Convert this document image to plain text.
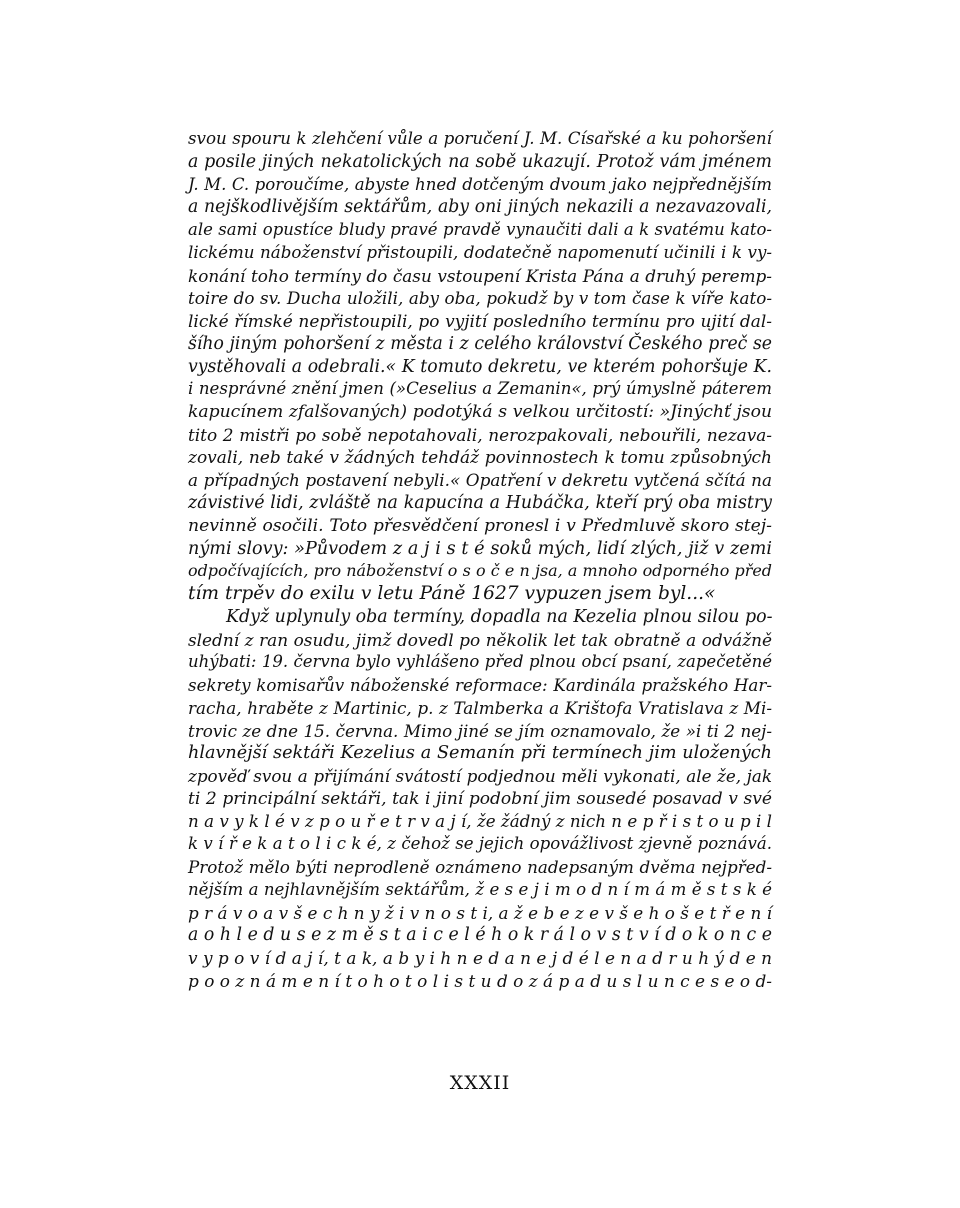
svou spouru k zlehčení vůle a poručení J. M. Císařské a ku pohoršení
a posile jiných nekatolických na sobě ukazují. Protož vám jménem
J. M. C. poroučíme, abyste hned dotčeným dvoum jako nejpřednějším
a nejškodlivějším sektářům, aby oni jiných nekazili a nezavazovali,
ale sami opustíce bludy pravé pravdě vynaučiti dali a k svatému kato-
lickému náboženství přistoupili, dodatečně napomenutí učinili i k vy-
konání toho termíny do času vstoupení Krista Pána a druhý peremp-
toire do sv. Ducha uložili, aby oba, pokudž by v tom čase k víře kato-
lické římské nepřistoupili, po vyjití posledního termínu pro ujití dal-
šího jiným pohoršení z města i z celého království Českého preč se
vystěhovali a odebrali.« K tomuto dekretu, ve kterém pohoršuje K.
i nesprávné znění jmen (»Ceselius a Zemanin«, prý úmyslně páterem
kapucínem zfalšovaných) podotýká s velkou určitostí: »Jinýchť jsou
tito 2 mistři po sobě nepotahovali, nerozpakovali, nebouřili, nezava-
zovali, neb také v žádných tehdáž povinnostech k tomu způsobných
a případných postavení nebyli.« Opatření v dekretu vytčená sčítá na
závistivé lidi, zvláště na kapucína a Hubáčka, kteří prý oba mistry
nevinně osočili. Toto přesvědčení pronesl i v Předmluvě skoro stej-
nými slovy: »Původem z a j i s t é soků mých, lidí zlých, již v zemi
odpočívajících, pro náboženství o s o č e n jsa, a mnoho odporného před
tím trpěv do exilu v letu Páně 1627 vypuzen jsem byl...«
Když uplynuly oba termíny, dopadla na Kezelia plnou silou po-
slední z ran osudu, jimž dovedl po několik let tak obratně a odvážně
uhýbati: 19. června bylo vyhlášeno před plnou obcí psaní, zapečetěné
sekrety komisařův náboženské reformace: Kardinála pražského Har-
racha, hraběte z Martinic, p. z Talmberka a Krištofa Vratislava z Mi-
trovic ze dne 15. června. Mimo jiné se jím oznamovalo, že »i ti 2 nej-
hlavnější sektáři Kezelius a Semanín při termínech jim uložených
zpověď svou a přijímání svátostí podjednou měli vykonati, ale že, jak
ti 2 principální sektáři, tak i jiní podobní jim sousedé posavad v své
n a v y k l é v z p o u ř e t r v a j í, že žádný z nich n e p ř i s t o u p i l
k v í ř e k a t o l i c k é, z čehož se jejich opovážlivost zjevně poznává.
Protož mělo býti neprodleně oznámeno nadepsaným dvěma nejpřed-
nějším a nejhlavnějším sektářům, ž e s e j i m o d n í m á m ě s t s k é
p r á v o a v š e c h n y ž i v n o s t i, a ž e b e z e v š e h o š e t ř e n í
a o h l e d u s e z m ě s t a i c e l é h o k r á l o v s t v í d o k o n c e
v y p o v í d a j í, t a k, a b y i h n e d a n e j d é l e n a d r u h ý d e n
p o o z n á m e n í t o h o t o l i s t u d o z á p a d u s l u n c e s e o d-
XXXII
